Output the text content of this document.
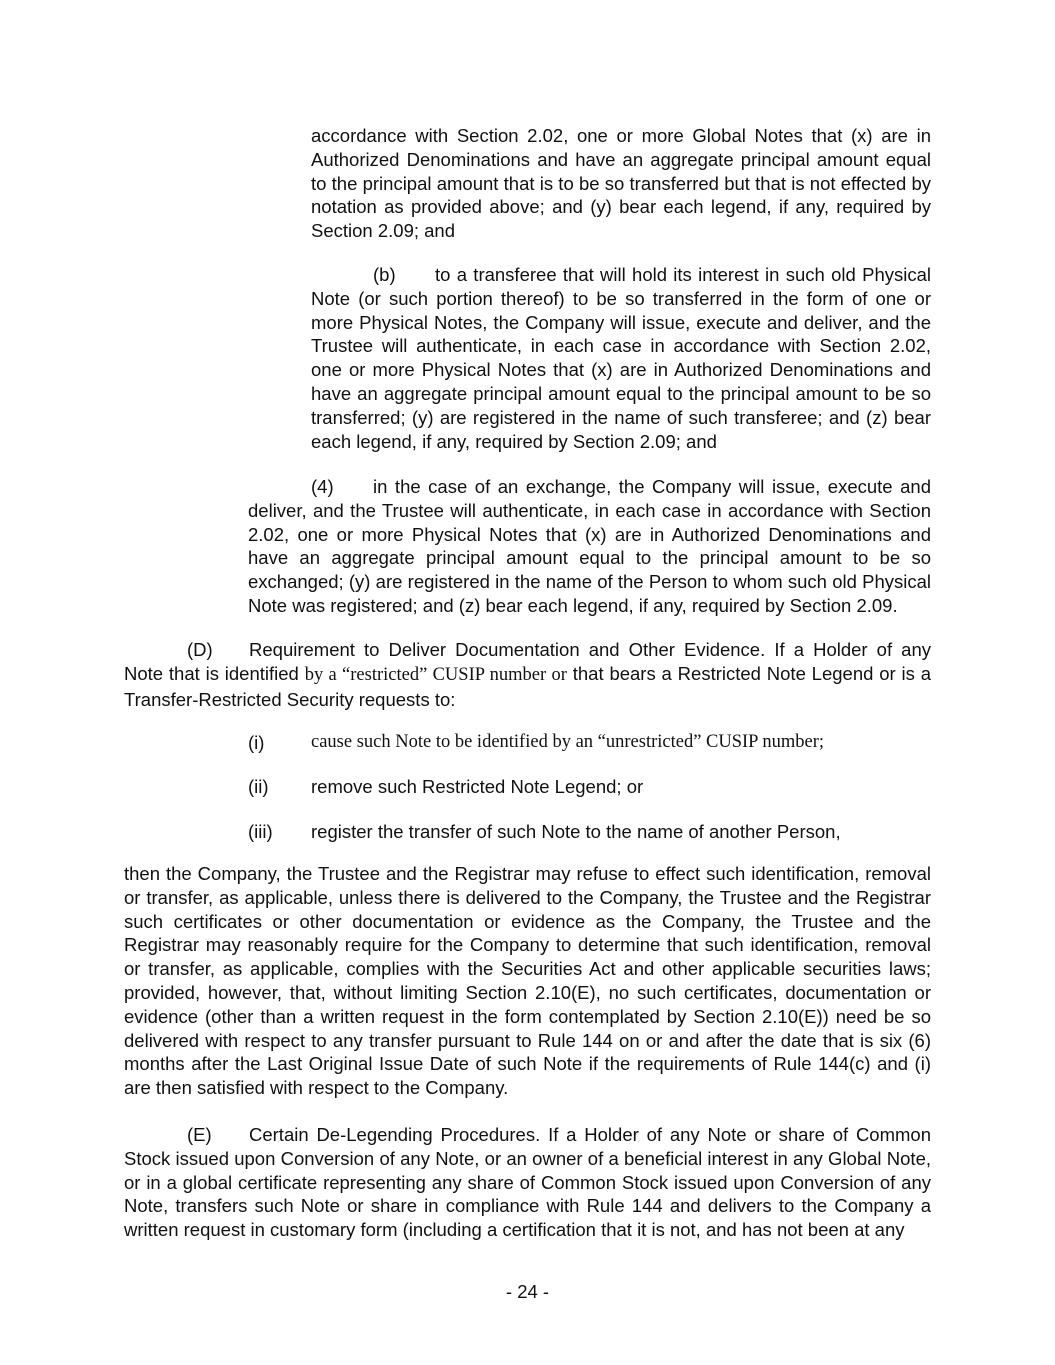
accordance with Section 2.02, one or more Global Notes that (x) are in Authorized Denominations and have an aggregate principal amount equal to the principal amount that is to be so transferred but that is not effected by notation as provided above; and (y) bear each legend, if any, required by Section 2.09; and

(b) to a transferee that will hold its interest in such old Physical Note (or such portion thereof) to be so transferred in the form of one or more Physical Notes, the Company will issue, execute and deliver, and the Trustee will authenticate, in each case in accordance with Section 2.02, one or more Physical Notes that (x) are in Authorized Denominations and have an aggregate principal amount equal to the principal amount to be so transferred; (y) are registered in the name of such transferee; and (z) bear each legend, if any, required by Section 2.09; and

(4) in the case of an exchange, the Company will issue, execute and deliver, and the Trustee will authenticate, in each case in accordance with Section 2.02, one or more Physical Notes that (x) are in Authorized Denominations and have an aggregate principal amount equal to the principal amount to be so exchanged; (y) are registered in the name of the Person to whom such old Physical Note was registered; and (z) bear each legend, if any, required by Section 2.09.

(D) Requirement to Deliver Documentation and Other Evidence. If a Holder of any Note that is identified by a “restricted” CUSIP number or that bears a Restricted Note Legend or is a Transfer-Restricted Security requests to:

(i)	cause such Note to be identified by an “unrestricted” CUSIP number;
(ii) remove such Restricted Note Legend; or
(iii) register the transfer of such Note to the name of another Person,

then the Company, the Trustee and the Registrar may refuse to effect such identification, removal or transfer, as applicable, unless there is delivered to the Company, the Trustee and the Registrar such certificates or other documentation or evidence as the Company, the Trustee and the Registrar may reasonably require for the Company to determine that such identification, removal or transfer, as applicable, complies with the Securities Act and other applicable securities laws; provided, however, that, without limiting Section 2.10(E), no such certificates, documentation or evidence (other than a written request in the form contemplated by Section 2.10(E)) need be so delivered with respect to any transfer pursuant to Rule 144 on or and after the date that is six (6) months after the Last Original Issue Date of such Note if the requirements of Rule 144(c) and (i) are then satisfied with respect to the Company.

(E) Certain De-Legending Procedures. If a Holder of any Note or share of Common Stock issued upon Conversion of any Note, or an owner of a beneficial interest in any Global Note, or in a global certificate representing any share of Common Stock issued upon Conversion of any Note, transfers such Note or share in compliance with Rule 144 and delivers to the Company a written request in customary form (including a certification that it is not, and has not been at any

- 24 -
